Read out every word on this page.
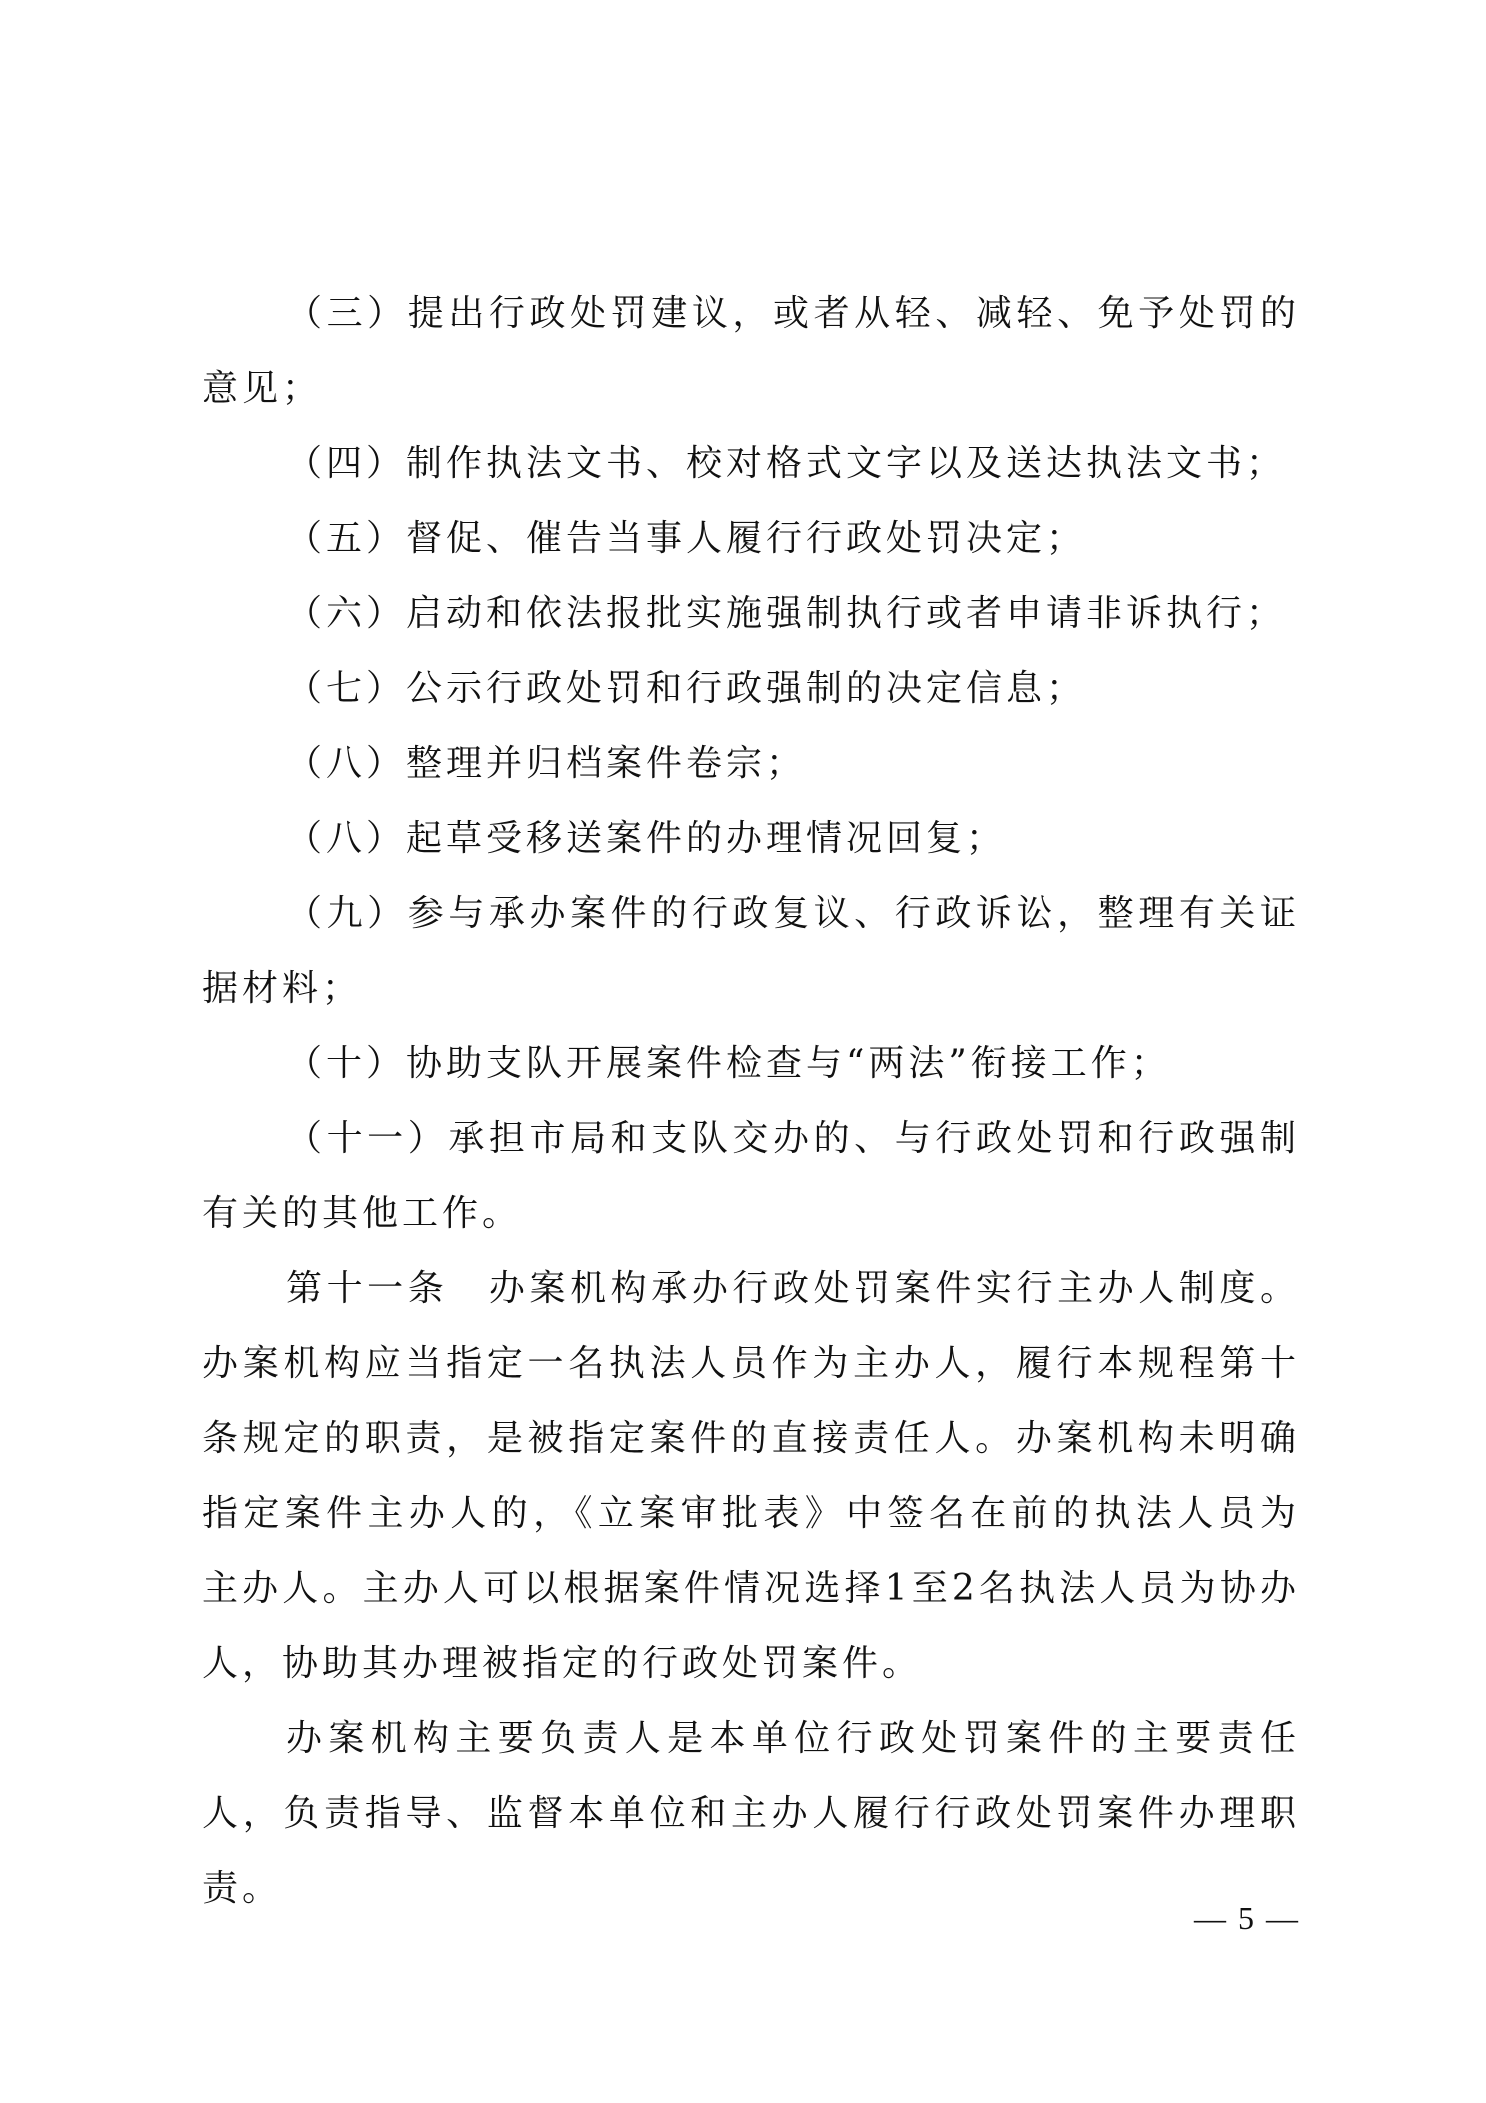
（三）提出行政处罚建议，或者从轻、减轻、免予处罚的意见；

（四）制作执法文书、校对格式文字以及送达执法文书；

（五）督促、催告当事人履行行政处罚决定；

（六）启动和依法报批实施强制执行或者申请非诉执行；

（七）公示行政处罚和行政强制的决定信息；

（八）整理并归档案件卷宗；

（八）起草受移送案件的办理情况回复；

（九）参与承办案件的行政复议、行政诉讼，整理有关证据材料；

（十）协助支队开展案件检查与“两法”衔接工作；

（十一）承担市局和支队交办的、与行政处罚和行政强制有关的其他工作。

第十一条　办案机构承办行政处罚案件实行主办人制度。办案机构应当指定一名执法人员作为主办人，履行本规程第十条规定的职责，是被指定案件的直接责任人。办案机构未明确指定案件主办人的，《立案审批表》中签名在前的执法人员为主办人。主办人可以根据案件情况选择1至2名执法人员为协办人，协助其办理被指定的行政处罚案件。

办案机构主要负责人是本单位行政处罚案件的主要责任人，负责指导、监督本单位和主办人履行行政处罚案件办理职责。

— 5 —
